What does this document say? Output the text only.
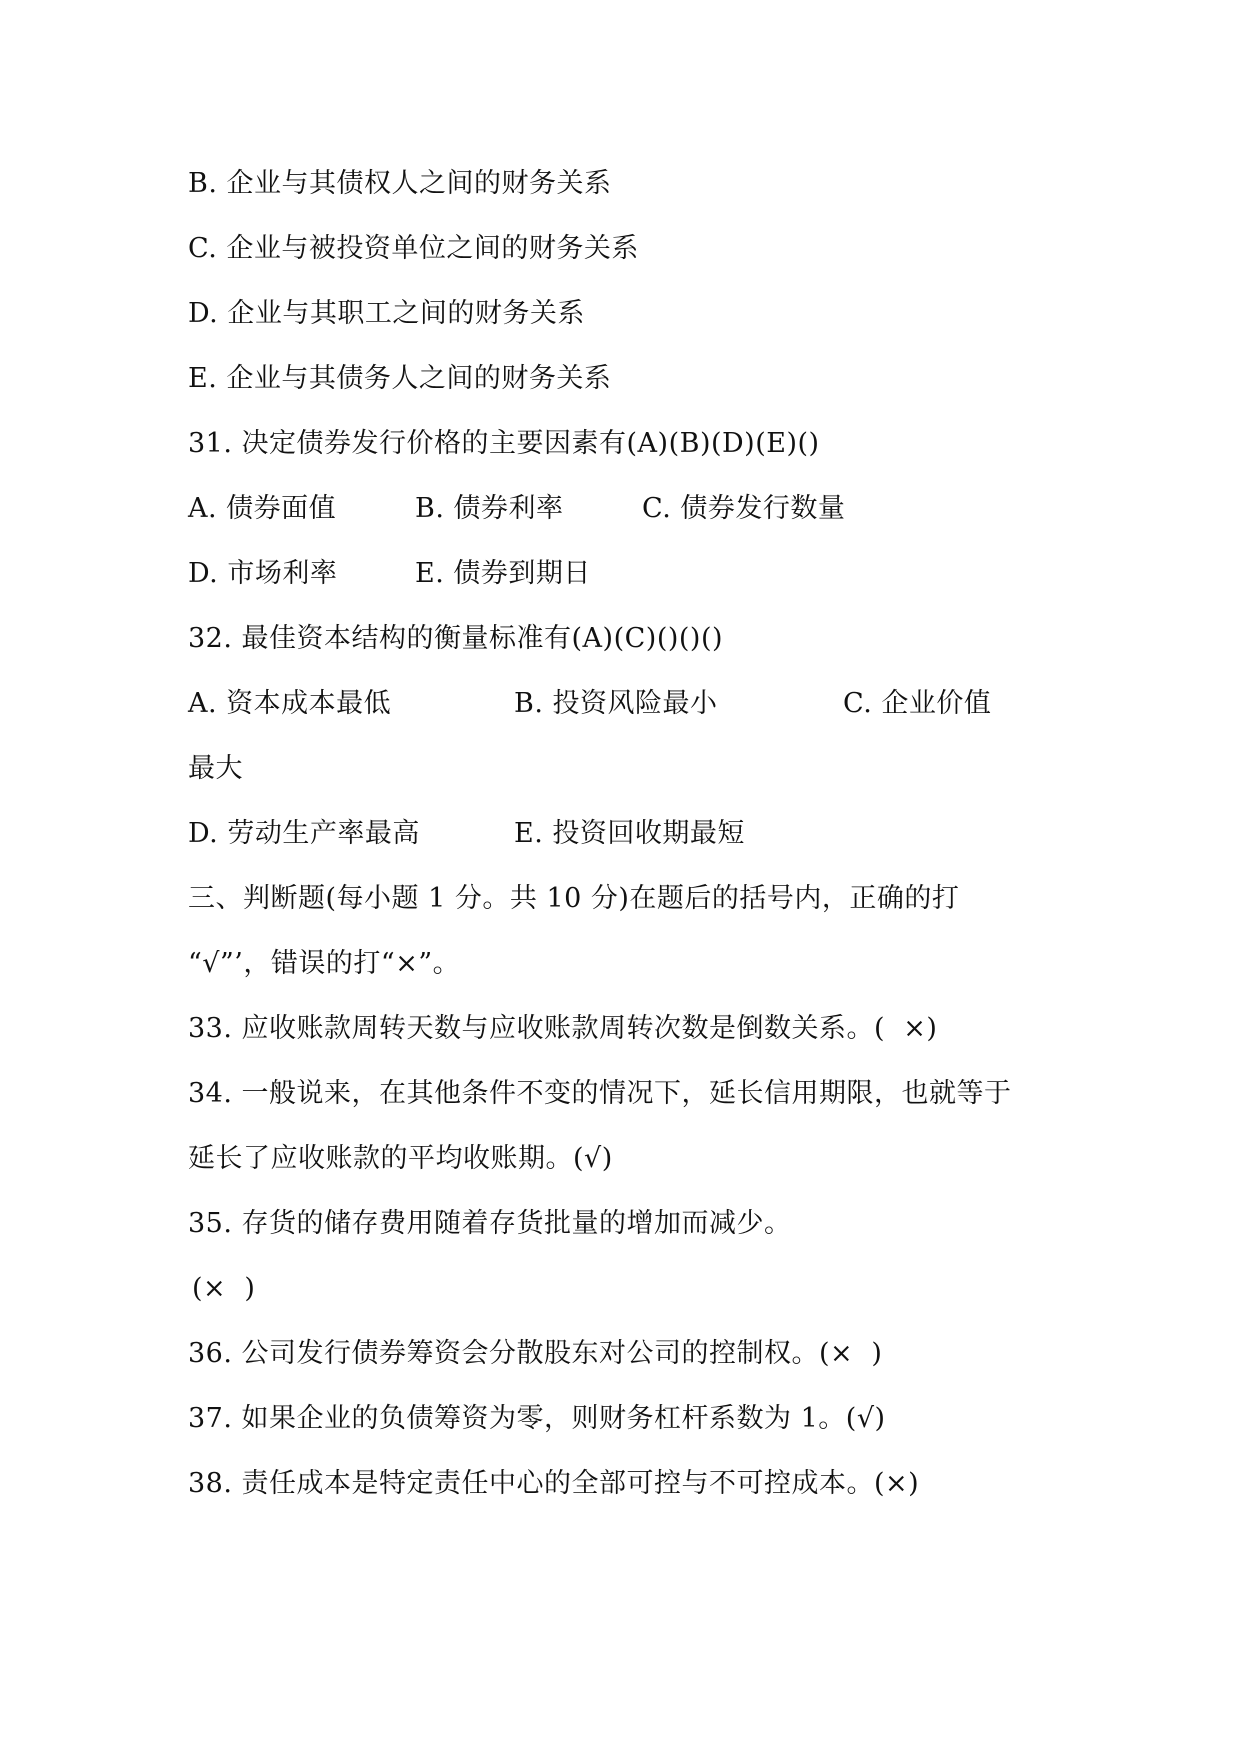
B. 企业与其债权人之间的财务关系
C. 企业与被投资单位之间的财务关系
D. 企业与其职工之间的财务关系
E. 企业与其债务人之间的财务关系
31. 决定债券发行价格的主要因素有(A)(B)(D)(E)()

A. 债券面值

	B. 债券利率

	C. 债券发行数量

D. 市场利率

	E. 债券到期日

32. 最佳资本结构的衡量标准有(A)(C)()()()

A. 资本成本最低

	B. 投资风险最小

	C. 企业价值

最大

D. 劳动生产率最高

	E. 投资回收期最短

三、判断题(每小题 1 分。共 10 分)在题后的括号内，正确的打
“√”’，错误的打“×”。
33. 应收账款周转天数与应收账款周转次数是倒数关系。(  ×)
34. 一般说来，在其他条件不变的情况下，延长信用期限，也就等于
延长了应收账款的平均收账期。(√)
35. 存货的储存费用随着存货批量的增加而减少。
(×  )
36. 公司发行债券筹资会分散股东对公司的控制权。(×  )
37. 如果企业的负债筹资为零，则财务杠杆系数为 1。(√)
38. 责任成本是特定责任中心的全部可控与不可控成本。(×)
